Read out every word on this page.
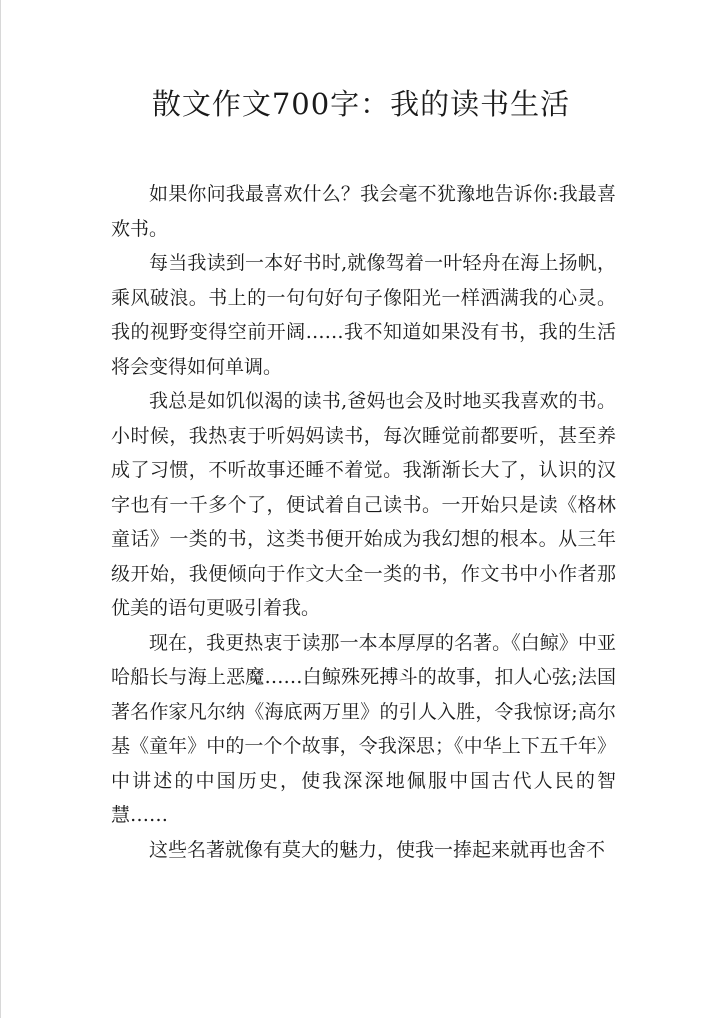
散文作文700字：我的读书生活

如果你问我最喜欢什么？我会毫不犹豫地告诉你:我最喜欢书。

每当我读到一本好书时,就像驾着一叶轻舟在海上扬帆，乘风破浪。书上的一句句好句子像阳光一样洒满我的心灵。我的视野变得空前开阔……我不知道如果没有书，我的生活将会变得如何单调。

我总是如饥似渴的读书,爸妈也会及时地买我喜欢的书。小时候，我热衷于听妈妈读书，每次睡觉前都要听，甚至养成了习惯，不听故事还睡不着觉。我渐渐长大了，认识的汉字也有一千多个了，便试着自己读书。一开始只是读《格林童话》一类的书，这类书便开始成为我幻想的根本。从三年级开始，我便倾向于作文大全一类的书，作文书中小作者那优美的语句更吸引着我。

现在，我更热衷于读那一本本厚厚的名著。《白鲸》中亚哈船长与海上恶魔……白鲸殊死搏斗的故事，扣人心弦;法国著名作家凡尔纳《海底两万里》的引人入胜，令我惊讶;高尔基《童年》中的一个个故事，令我深思；《中华上下五千年》中讲述的中国历史，使我深深地佩服中国古代人民的智慧……

这些名著就像有莫大的魅力，使我一捧起来就再也舍不
